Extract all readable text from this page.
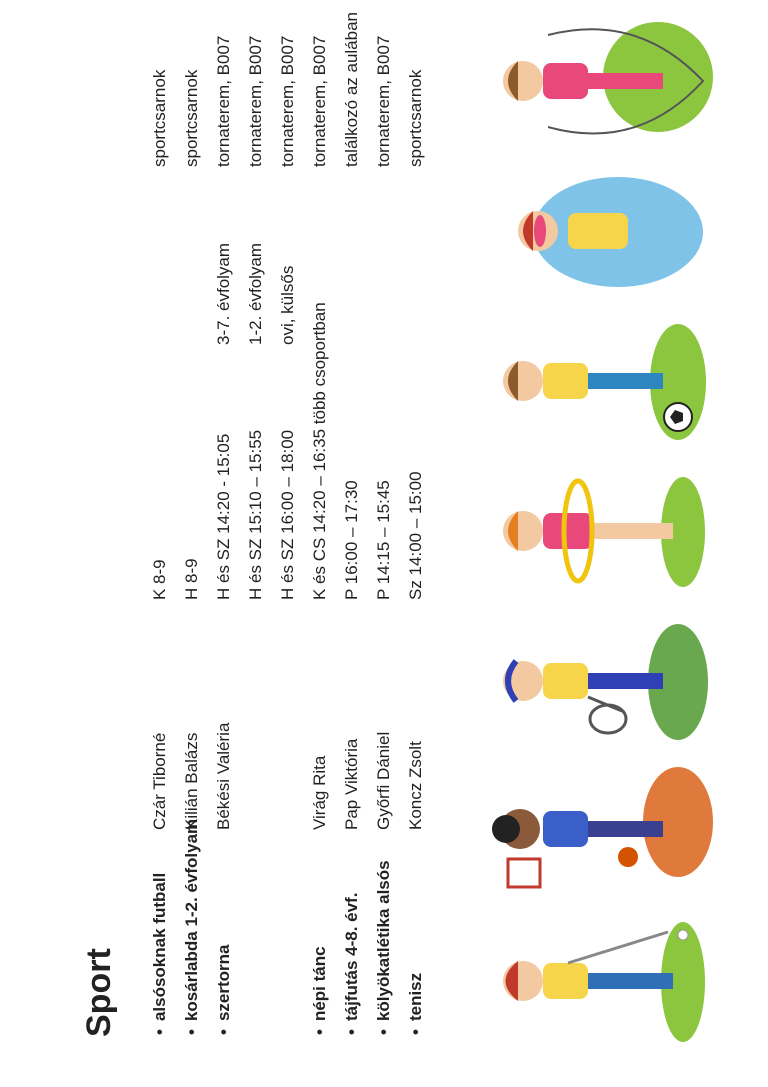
Sport
• alsósoknak futball
Czár Tiborné
K 8-9
sportcsarnok
• kosárlabda 1-2. évfolyam
Kilián Balázs
H 8-9
sportcsarnok
• szertorna
Békési Valéria
H és SZ 14:20 - 15:05
3-7. évfolyam
tornaterem, B007
H és SZ 15:10 – 15:55
1-2. évfolyam
tornaterem, B007
H és SZ 16:00 – 18:00
ovi, külsős
tornaterem, B007
• népi tánc
Virág Rita
K és CS 14:20 – 16:35 több csoportban
tornaterem, B007
• tájfutás 4-8. évf.
Pap Viktória
P 16:00 – 17:30
találkozó az aulában
• kölyökatlétika alsós
Győrfi Dániel
P 14:15 – 15:45
tornaterem, B007
• tenisz
Koncz Zsolt
Sz 14:00 – 15:00
sportcsarnok
